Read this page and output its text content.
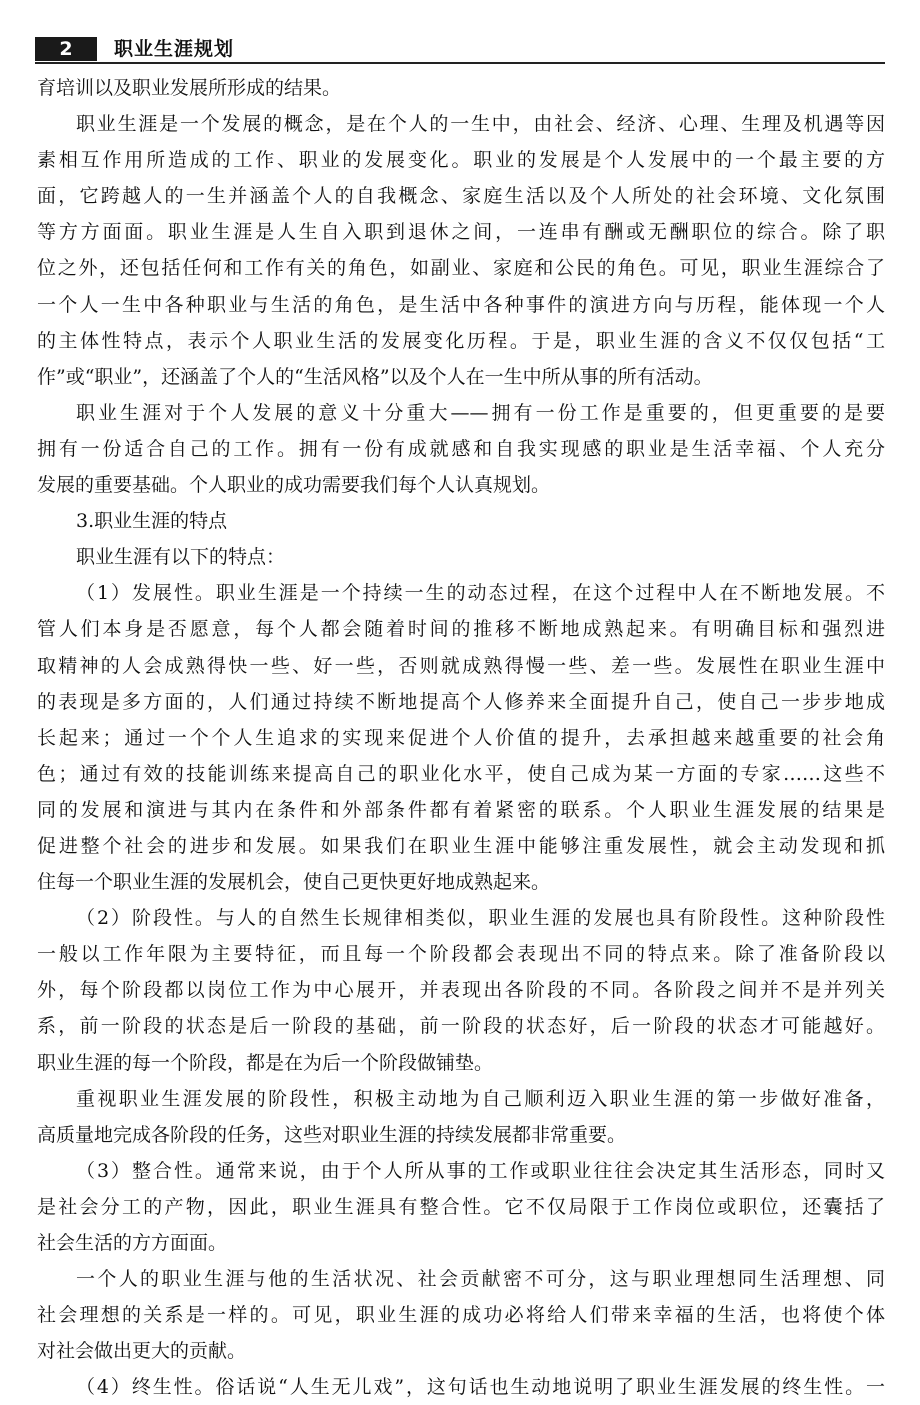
2	职业生涯规划
育培训以及职业发展所形成的结果。
职业生涯是一个发展的概念，是在个人的一生中，由社会、经济、心理、生理及机遇等因
素相互作用所造成的工作、职业的发展变化。职业的发展是个人发展中的一个最主要的方
面，它跨越人的一生并涵盖个人的自我概念、家庭生活以及个人所处的社会环境、文化氛围
等方方面面。职业生涯是人生自入职到退休之间，一连串有酬或无酬职位的综合。除了职
位之外，还包括任何和工作有关的角色，如副业、家庭和公民的角色。可见，职业生涯综合了
一个人一生中各种职业与生活的角色，是生活中各种事件的演进方向与历程，能体现一个人
的主体性特点，表示个人职业生活的发展变化历程。于是，职业生涯的含义不仅仅包括“工
作”或“职业”，还涵盖了个人的“生活风格”以及个人在一生中所从事的所有活动。
职业生涯对于个人发展的意义十分重大——拥有一份工作是重要的，但更重要的是要
拥有一份适合自己的工作。拥有一份有成就感和自我实现感的职业是生活幸福、个人充分
发展的重要基础。个人职业的成功需要我们每个人认真规划。
3.职业生涯的特点
职业生涯有以下的特点：
（1）发展性。职业生涯是一个持续一生的动态过程，在这个过程中人在不断地发展。不
管人们本身是否愿意，每个人都会随着时间的推移不断地成熟起来。有明确目标和强烈进
取精神的人会成熟得快一些、好一些，否则就成熟得慢一些、差一些。发展性在职业生涯中
的表现是多方面的，人们通过持续不断地提高个人修养来全面提升自己，使自己一步步地成
长起来；通过一个个人生追求的实现来促进个人价值的提升，去承担越来越重要的社会角
色；通过有效的技能训练来提高自己的职业化水平，使自己成为某一方面的专家……这些不
同的发展和演进与其内在条件和外部条件都有着紧密的联系。个人职业生涯发展的结果是
促进整个社会的进步和发展。如果我们在职业生涯中能够注重发展性，就会主动发现和抓
住每一个职业生涯的发展机会，使自己更快更好地成熟起来。
（2）阶段性。与人的自然生长规律相类似，职业生涯的发展也具有阶段性。这种阶段性
一般以工作年限为主要特征，而且每一个阶段都会表现出不同的特点来。除了准备阶段以
外，每个阶段都以岗位工作为中心展开，并表现出各阶段的不同。各阶段之间并不是并列关
系，前一阶段的状态是后一阶段的基础，前一阶段的状态好，后一阶段的状态才可能越好。
职业生涯的每一个阶段，都是在为后一个阶段做铺垫。
重视职业生涯发展的阶段性，积极主动地为自己顺利迈入职业生涯的第一步做好准备，
高质量地完成各阶段的任务，这些对职业生涯的持续发展都非常重要。
（3）整合性。通常来说，由于个人所从事的工作或职业往往会决定其生活形态，同时又
是社会分工的产物，因此，职业生涯具有整合性。它不仅局限于工作岗位或职位，还囊括了
社会生活的方方面面。
一个人的职业生涯与他的生活状况、社会贡献密不可分，这与职业理想同生活理想、同
社会理想的关系是一样的。可见，职业生涯的成功必将给人们带来幸福的生活，也将使个体
对社会做出更大的贡献。
（4）终生性。俗话说“人生无儿戏”，这句话也生动地说明了职业生涯发展的终生性。一
